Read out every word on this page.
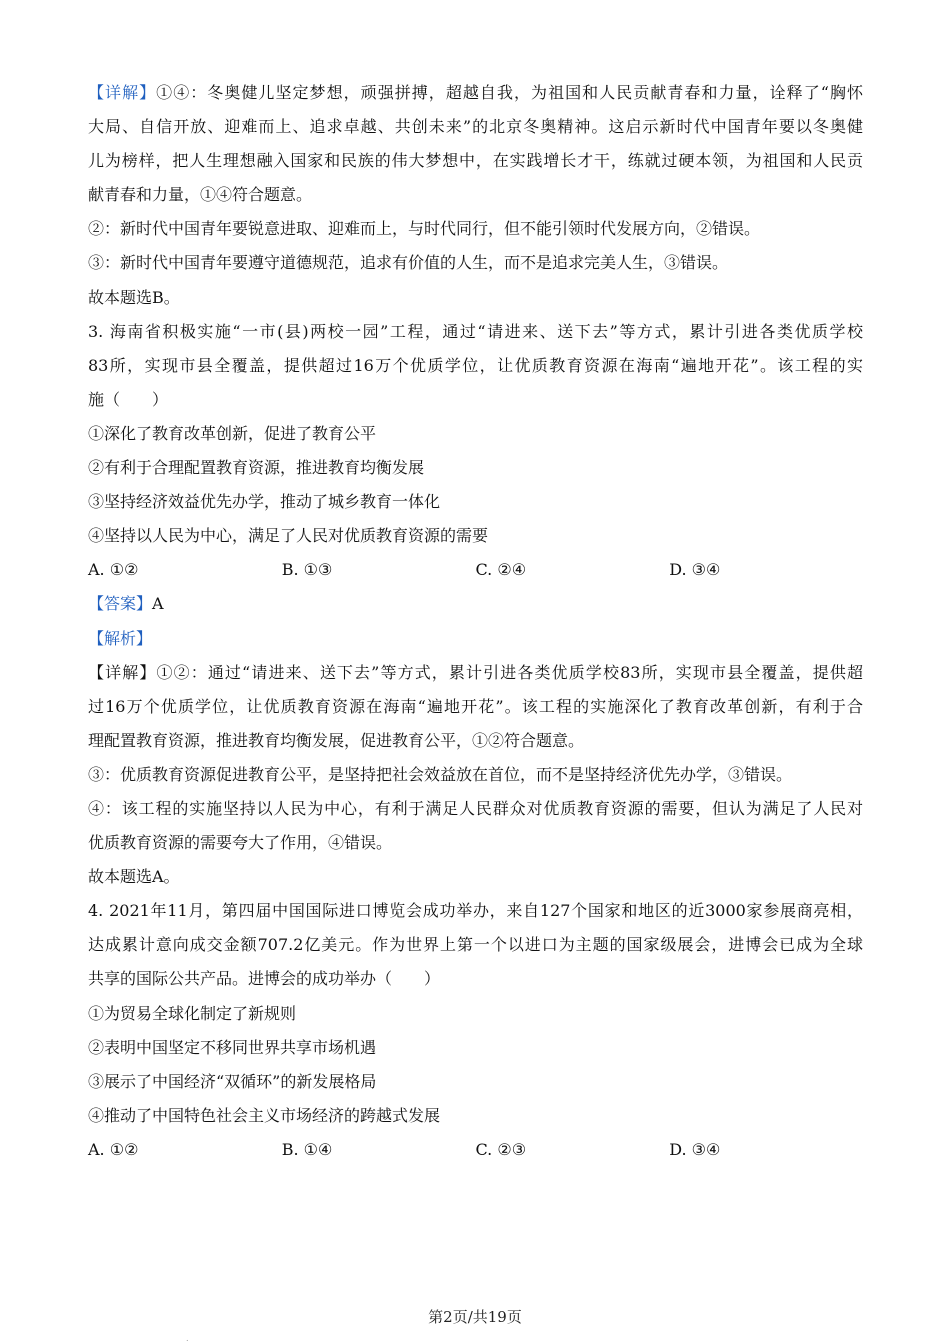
【详解】①④：冬奥健儿坚定梦想，顽强拼搏，超越自我，为祖国和人民贡献青春和力量，诠释了“胸怀
大局、自信开放、迎难而上、追求卓越、共创未来”的北京冬奥精神。这启示新时代中国青年要以冬奥健
儿为榜样，把人生理想融入国家和民族的伟大梦想中，在实践增长才干，练就过硬本领，为祖国和人民贡
献青春和力量，①④符合题意。
②：新时代中国青年要锐意进取、迎难而上，与时代同行，但不能引领时代发展方向，②错误。
③：新时代中国青年要遵守道德规范，追求有价值的人生，而不是追求完美人生，③错误。
故本题选B。
3. 海南省积极实施“一市(县)两校一园”工程，通过“请进来、送下去”等方式，累计引进各类优质学校
83所，实现市县全覆盖，提供超过16万个优质学位，让优质教育资源在海南“遍地开花”。该工程的实
施（　　）
①深化了教育改革创新，促进了教育公平
②有利于合理配置教育资源，推进教育均衡发展
③坚持经济效益优先办学，推动了城乡教育一体化
④坚持以人民为中心，满足了人民对优质教育资源的需要
A. ①②	B. ①③	C. ②④	D. ③④
【答案】A
【解析】
【详解】①②：通过“请进来、送下去”等方式，累计引进各类优质学校83所，实现市县全覆盖，提供超
过16万个优质学位，让优质教育资源在海南“遍地开花”。该工程的实施深化了教育改革创新，有利于合
理配置教育资源，推进教育均衡发展，促进教育公平，①②符合题意。
③：优质教育资源促进教育公平，是坚持把社会效益放在首位，而不是坚持经济优先办学，③错误。
④：该工程的实施坚持以人民为中心，有利于满足人民群众对优质教育资源的需要，但认为满足了人民对
优质教育资源的需要夸大了作用，④错误。
故本题选A。
4. 2021年11月，第四届中国国际进口博览会成功举办，来自127个国家和地区的近3000家参展商亮相，
达成累计意向成交金额707.2亿美元。作为世界上第一个以进口为主题的国家级展会，进博会已成为全球
共享的国际公共产品。进博会的成功举办（　　）
①为贸易全球化制定了新规则
②表明中国坚定不移同世界共享市场机遇
③展示了中国经济“双循环”的新发展格局
④推动了中国特色社会主义市场经济的跨越式发展
A. ①②	B. ①④	C. ②③	D. ③④
.
第2页/共19页
